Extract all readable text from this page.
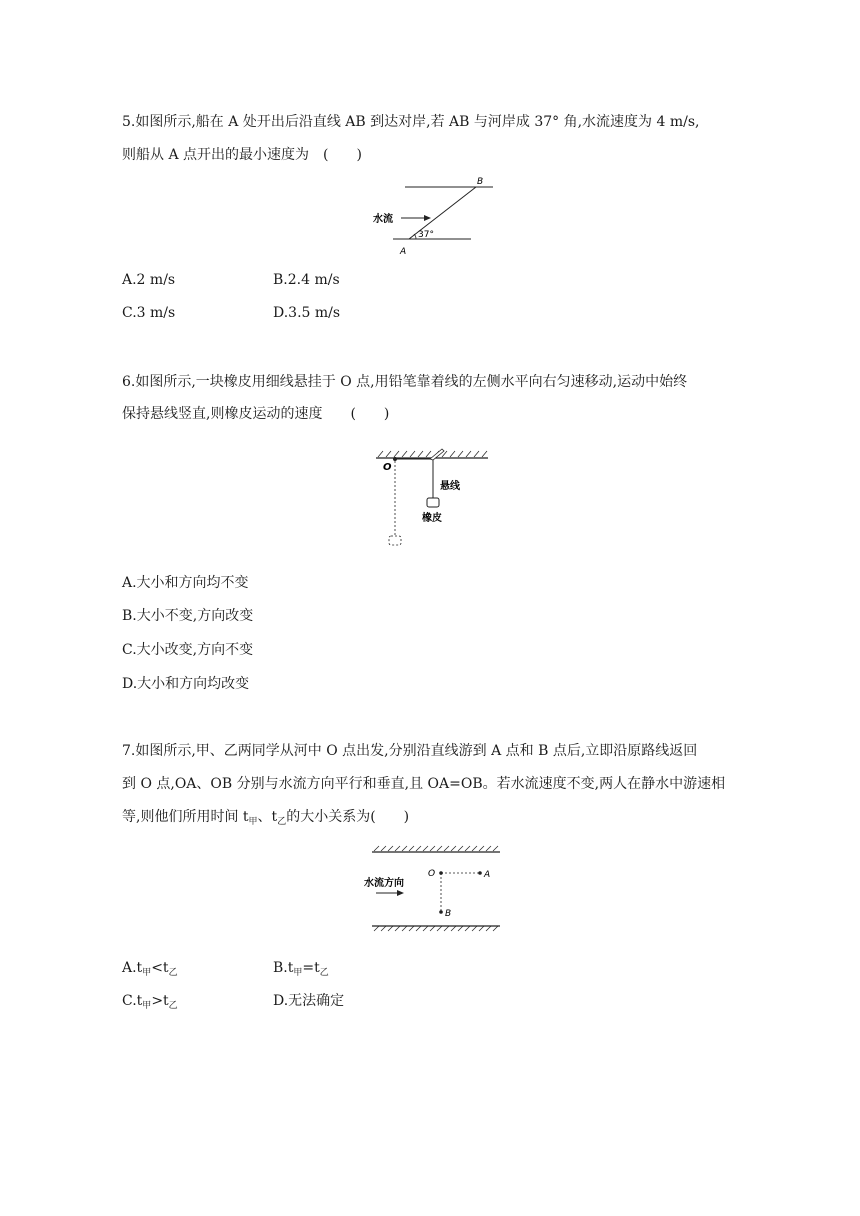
5.如图所示,船在 A 处开出后沿直线 AB 到达对岸,若 AB 与河岸成 37° 角,水流速度为 4 m/s,
则船从 A 点开出的最小速度为　(　　)
水流
A
B
37°
A.2 m/s	B.2.4 m/s
C.3 m/s	D.3.5 m/s
6.如图所示,一块橡皮用细线悬挂于 O 点,用铅笔靠着线的左侧水平向右匀速移动,运动中始终
保持悬线竖直,则橡皮运动的速度　　(　　)
O
悬线
橡皮
A.大小和方向均不变
B.大小不变,方向改变
C.大小改变,方向不变
D.大小和方向均改变
7.如图所示,甲、乙两同学从河中 O 点出发,分别沿直线游到 A 点和 B 点后,立即沿原路线返回
到 O 点,OA、OB 分别与水流方向平行和垂直,且 OA=OB。若水流速度不变,两人在静水中游速相
等,则他们所用时间 $t_甲$、$t_乙$的大小关系为(　　)
水流方向
O	A
B
$A.t_甲<t_乙$	$B.t_甲=t_乙$
$C.t_甲>t_乙$	D.无法确定
